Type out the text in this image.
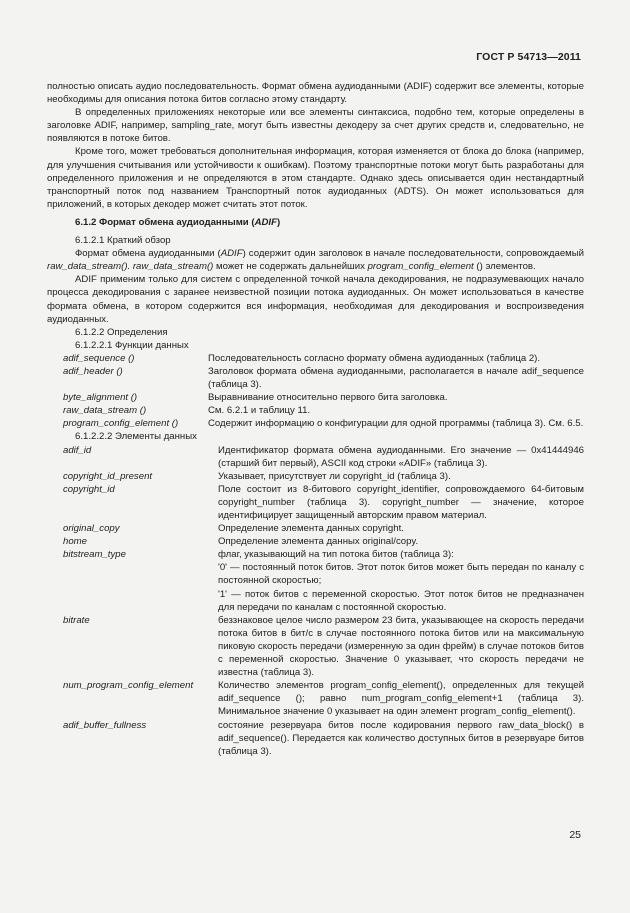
ГОСТ Р 54713—2011

полностью описать аудио последовательность. Формат обмена аудиоданными (ADIF) содержит все элементы, которые необходимы для описания потока битов согласно этому стандарту.

В определенных приложениях некоторые или все элементы синтаксиса, подобно тем, которые определены в заголовке ADIF, например, sampling_rate, могут быть известны декодеру за счет других средств и, следовательно, не появляются в потоке битов.

Кроме того, может требоваться дополнительная информация, которая изменяется от блока до блока (например, для улучшения считывания или устойчивости к ошибкам). Поэтому транспортные потоки могут быть разработаны для определенного приложения и не определяются в этом стандарте. Однако здесь описывается один нестандартный транспортный поток под названием Транспортный поток аудиоданных (ADTS). Он может использоваться для приложений, в которых декодер может считать этот поток.

6.1.2 Формат обмена аудиоданными (ADIF)

6.1.2.1 Краткий обзор

Формат обмена аудиоданными (ADIF) содержит один заголовок в начале последовательности, сопровождаемый raw_data_stream(). raw_data_stream() может не содержать дальнейших program_config_element () элементов.

ADIF применим только для систем с определенной точкой начала декодирования, не подразумевающих начало процесса декодирования с заранее неизвестной позиции потока аудиоданных. Он может использоваться в качестве формата обмена, в котором содержится вся информация, необходимая для декодирования и воспроизведения аудиоданных.

6.1.2.2 Определения

6.1.2.2.1 Функции данных

adif_sequence ()	Последовательность согласно формату обмена аудиоданных (таблица 2).
adif_header ()	Заголовок формата обмена аудиоданными, располагается в начале adif_sequence (таблица 3).
byte_alignment ()	Выравнивание относительно первого бита заголовка.
raw_data_stream ()	См. 6.2.1 и таблицу 11.
program_config_element ()	Содержит информацию о конфигурации для одной программы (таблица 3). См. 6.5.

6.1.2.2.2 Элементы данных

adif_id	Идентификатор формата обмена аудиоданными. Его значение — 0x41444946 (старший бит первый), ASCII код строки «ADIF» (таблица 3).
copyright_id_present	Указывает, присутствует ли copyright_id (таблица 3).
copyright_id	Поле состоит из 8-битового copyright_identifier, сопровождаемого 64-битовым copyright_number (таблица 3). copyright_number — значение, которое идентифицирует защищенный авторским правом материал.
original_copy	Определение элемента данных copyright.
home	Определение элемента данных original/copy.
bitstream_type	флаг, указывающий на тип потока битов (таблица 3):

'0' — постоянный поток битов. Этот поток битов может быть передан по каналу с постоянной скоростью;

'1' — поток битов с переменной скоростью. Этот поток битов не предназначен для передачи по каналам с постоянной скоростью.

bitrate	беззнаковое целое число размером 23 бита, указывающее на скорость передачи потока битов в бит/с в случае постоянного потока битов или на максимальную пиковую скорость передачи (измеренную за один фрейм) в случае потоков битов с переменной скоростью. Значение 0 указывает, что скорость передачи не известна (таблица 3).
num_program_config_element	Количество элементов program_config_element(), определенных для текущей adif_sequence (); равно num_program_config_element+1 (таблица 3). Минимальное значение 0 указывает на один элемент program_config_element().
adif_buffer_fullness	состояние резервуара битов после кодирования первого raw_data_block() в adif_sequence(). Передается как количество доступных битов в резервуаре битов (таблица 3).
25
